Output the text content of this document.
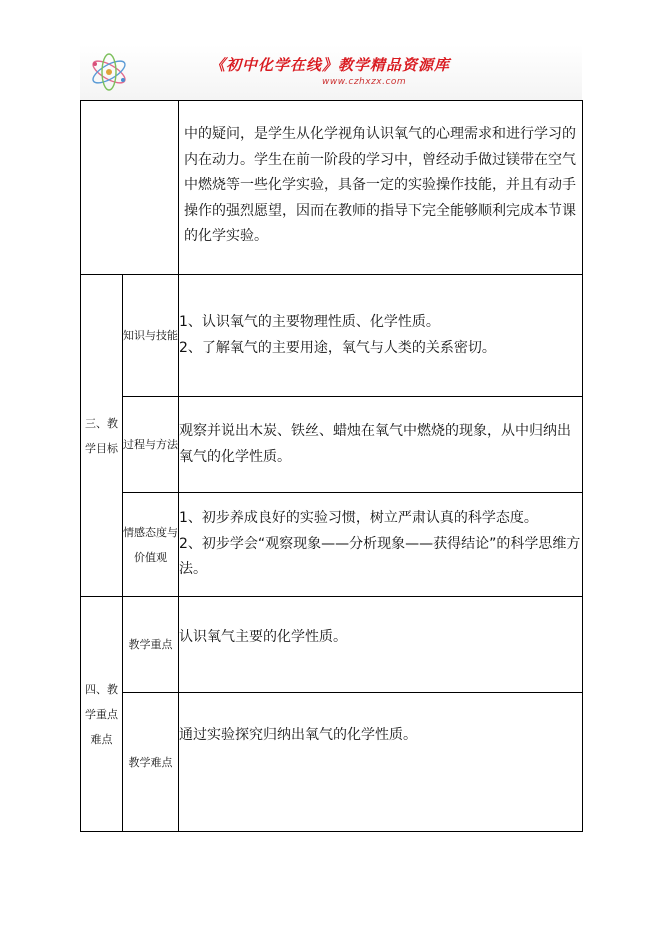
《初中化学在线》教学精品资源库
www.czhxzx.com

		中的疑问，是学生从化学视角认识氧气的心理需求和进行学习的内在动力。学生在前一阶段的学习中，曾经动手做过镁带在空气中燃烧等一些化学实验，具备一定的实验操作技能，并且有动手操作的强烈愿望，因而在教师的指导下完全能够顺利完成本节课的化学实验。

三、教学目标	知识与技能	1、认识氧气的主要物理性质、化学性质。

2、了解氧气的主要用途，氧气与人类的关系密切。

	过程与方法	观察并说出木炭、铁丝、蜡烛在氧气中燃烧的现象，从中归纳出氧气的化学性质。

	情感态度与价值观	1、初步养成良好的实验习惯，树立严肃认真的科学态度。

2、初步学会“观察现象——分析现象——获得结论”的科学思维方法。

四、教学重点难点	教学重点	认识氧气主要的化学性质。

	教学难点	通过实验探究归纳出氧气的化学性质。
